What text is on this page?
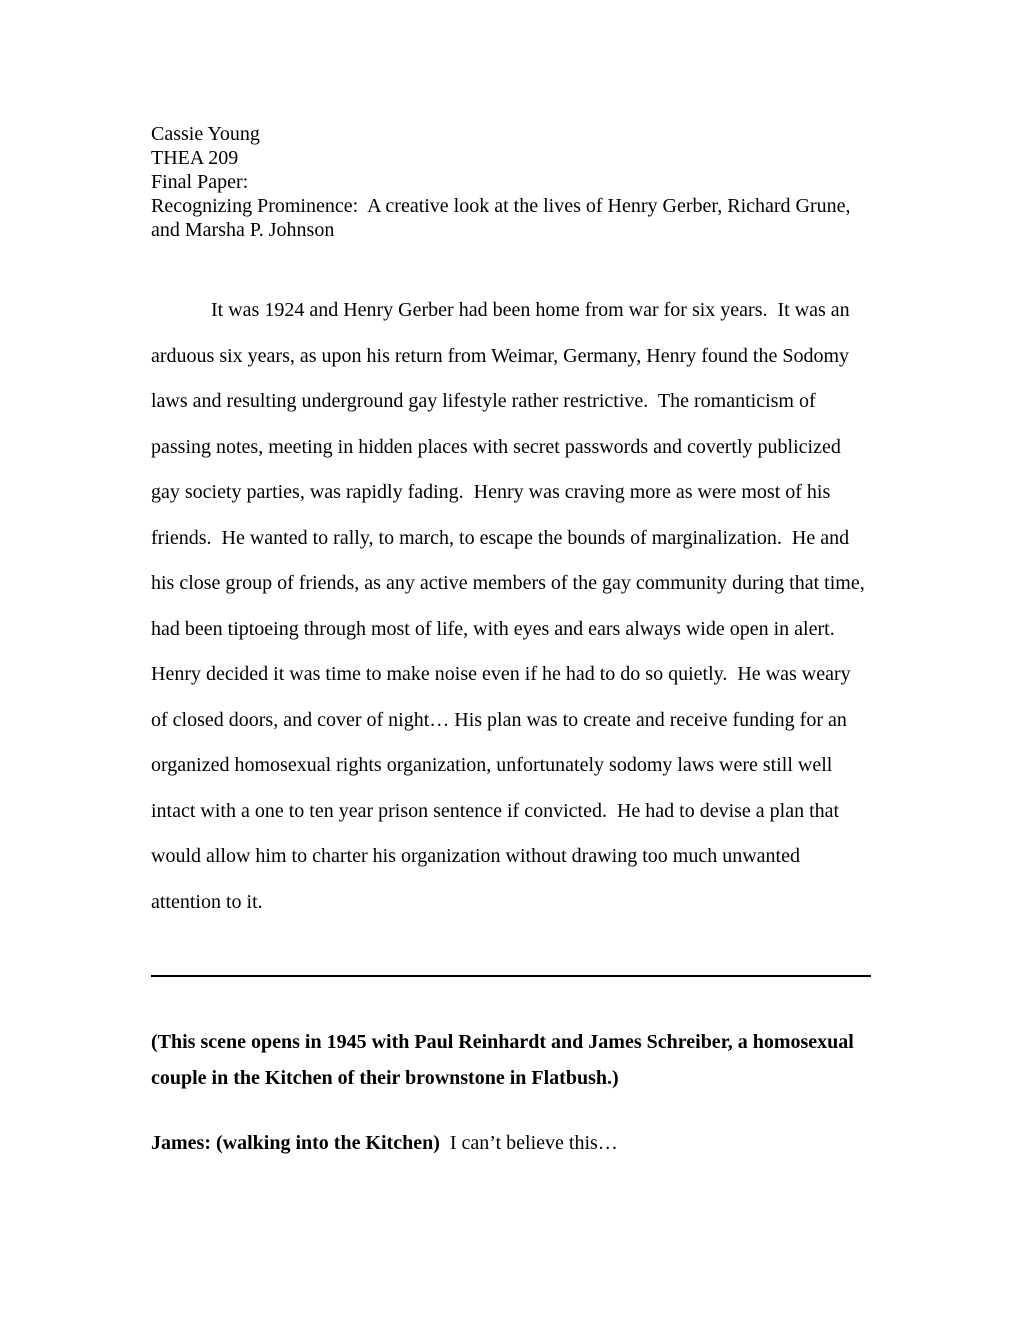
Cassie Young
THEA 209
Final Paper:
Recognizing Prominence:  A creative look at the lives of Henry Gerber, Richard Grune, and Marsha P. Johnson
It was 1924 and Henry Gerber had been home from war for six years.  It was an arduous six years, as upon his return from Weimar, Germany, Henry found the Sodomy laws and resulting underground gay lifestyle rather restrictive.  The romanticism of passing notes, meeting in hidden places with secret passwords and covertly publicized gay society parties, was rapidly fading.  Henry was craving more as were most of his friends.  He wanted to rally, to march, to escape the bounds of marginalization.  He and his close group of friends, as any active members of the gay community during that time, had been tiptoeing through most of life, with eyes and ears always wide open in alert.  Henry decided it was time to make noise even if he had to do so quietly.  He was weary of closed doors, and cover of night… His plan was to create and receive funding for an organized homosexual rights organization, unfortunately sodomy laws were still well intact with a one to ten year prison sentence if convicted.  He had to devise a plan that would allow him to charter his organization without drawing too much unwanted attention to it.
(This scene opens in 1945 with Paul Reinhardt and James Schreiber, a homosexual couple in the Kitchen of their brownstone in Flatbush.)
James: (walking into the Kitchen)  I can’t believe this…
